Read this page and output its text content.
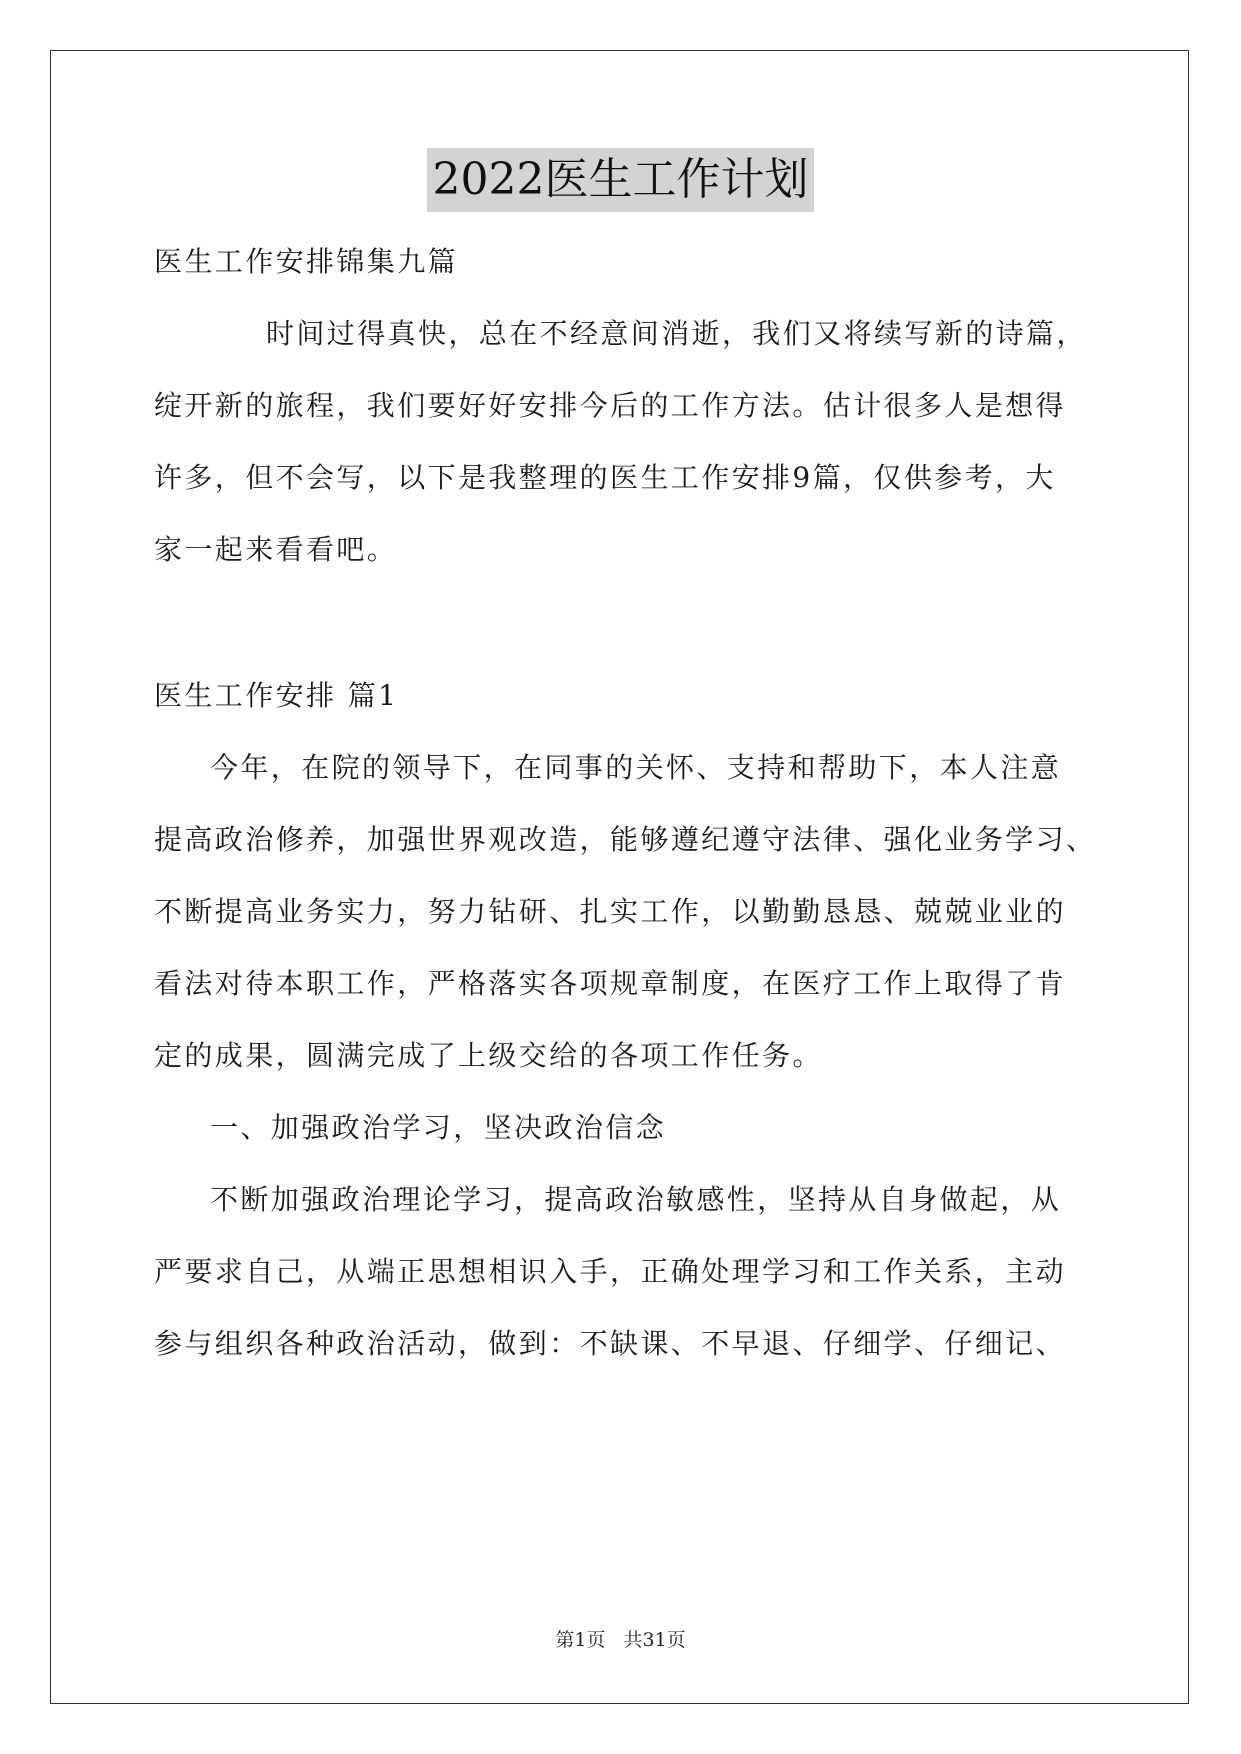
2022医生工作计划
医生工作安排锦集九篇
时间过得真快，总在不经意间消逝，我们又将续写新的诗篇，
绽开新的旅程，我们要好好安排今后的工作方法。估计很多人是想得
许多，但不会写，以下是我整理的医生工作安排9篇，仅供参考，大
家一起来看看吧。
医生工作安排 篇1
今年，在院的领导下，在同事的关怀、支持和帮助下，本人注意
提高政治修养，加强世界观改造，能够遵纪遵守法律、强化业务学习、
不断提高业务实力，努力钻研、扎实工作，以勤勤恳恳、兢兢业业的
看法对待本职工作，严格落实各项规章制度，在医疗工作上取得了肯
定的成果，圆满完成了上级交给的各项工作任务。
一、加强政治学习，坚决政治信念
不断加强政治理论学习，提高政治敏感性，坚持从自身做起，从
严要求自己，从端正思想相识入手，正确处理学习和工作关系，主动
参与组织各种政治活动，做到：不缺课、不早退、仔细学、仔细记、
第1页 共31页
